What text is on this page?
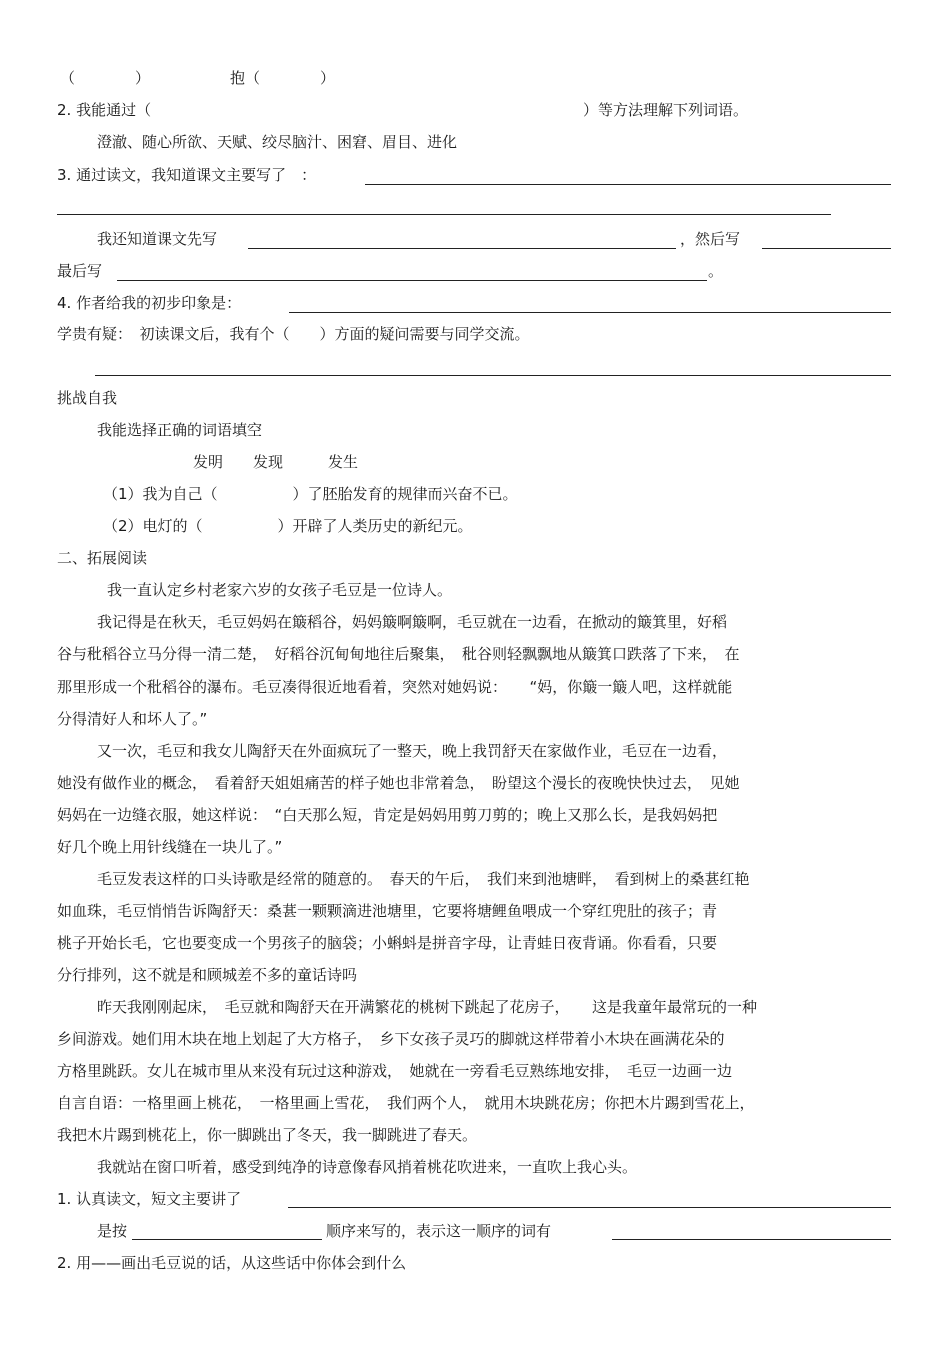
（　　　　）	抱（　　　　）
2. 我能通过（	）等方法理解下列词语。
澄澈、随心所欲、天赋、绞尽脑汁、困窘、眉目、进化
3. 通过读文，我知道课文主要写了　：
我还知道课文先写	，然后写
最后写	。
4. 作者给我的初步印象是：
学贵有疑：　初读课文后，我有个（　　）方面的疑问需要与同学交流。
挑战自我
我能选择正确的词语填空
发明　　发现　　　发生
（1）我为自己（　　　　　）了胚胎发育的规律而兴奋不已。
（2）电灯的（　　　　　）开辟了人类历史的新纪元。
二、拓展阅读
我一直认定乡村老家六岁的女孩子毛豆是一位诗人。
我记得是在秋天，毛豆妈妈在簸稻谷，妈妈簸啊簸啊，毛豆就在一边看，在掀动的簸箕里，好稻
谷与秕稻谷立马分得一清二楚，　好稻谷沉甸甸地往后聚集，　秕谷则轻飘飘地从簸箕口跌落了下来，　在
那里形成一个秕稻谷的瀑布。毛豆凑得很近地看着，突然对她妈说：　　“妈，你簸一簸人吧，这样就能
分得清好人和坏人了。”
又一次，毛豆和我女儿陶舒天在外面疯玩了一整天，晚上我罚舒天在家做作业，毛豆在一边看，
她没有做作业的概念，　看着舒天姐姐痛苦的样子她也非常着急，　盼望这个漫长的夜晚快快过去，　见她
妈妈在一边缝衣服，她这样说：　“白天那么短，肯定是妈妈用剪刀剪的；晚上又那么长，是我妈妈把
好几个晚上用针线缝在一块儿了。”
毛豆发表这样的口头诗歌是经常的随意的。　春天的午后，　我们来到池塘畔，　看到树上的桑葚红艳
如血珠，毛豆悄悄告诉陶舒天：桑葚一颗颗滴进池塘里，它要将塘鲤鱼喂成一个穿红兜肚的孩子；青
桃子开始长毛，它也要变成一个男孩子的脑袋；小蝌蚪是拼音字母，让青蛙日夜背诵。你看看，只要
分行排列，这不就是和顾城差不多的童话诗吗
昨天我刚刚起床，　毛豆就和陶舒天在开满繁花的桃树下跳起了花房子，　　这是我童年最常玩的一种
乡间游戏。她们用木块在地上划起了大方格子，　乡下女孩子灵巧的脚就这样带着小木块在画满花朵的
方格里跳跃。女儿在城市里从来没有玩过这种游戏，　她就在一旁看毛豆熟练地安排，　毛豆一边画一边
自言自语：一格里画上桃花，　一格里画上雪花，　我们两个人，　就用木块跳花房；你把木片踢到雪花上，
我把木片踢到桃花上，你一脚跳出了冬天，我一脚跳进了春天。
我就站在窗口听着，感受到纯净的诗意像春风捎着桃花吹进来，一直吹上我心头。
1. 认真读文，短文主要讲了
是按	顺序来写的，表示这一顺序的词有
2. 用——画出毛豆说的话，从这些话中你体会到什么
